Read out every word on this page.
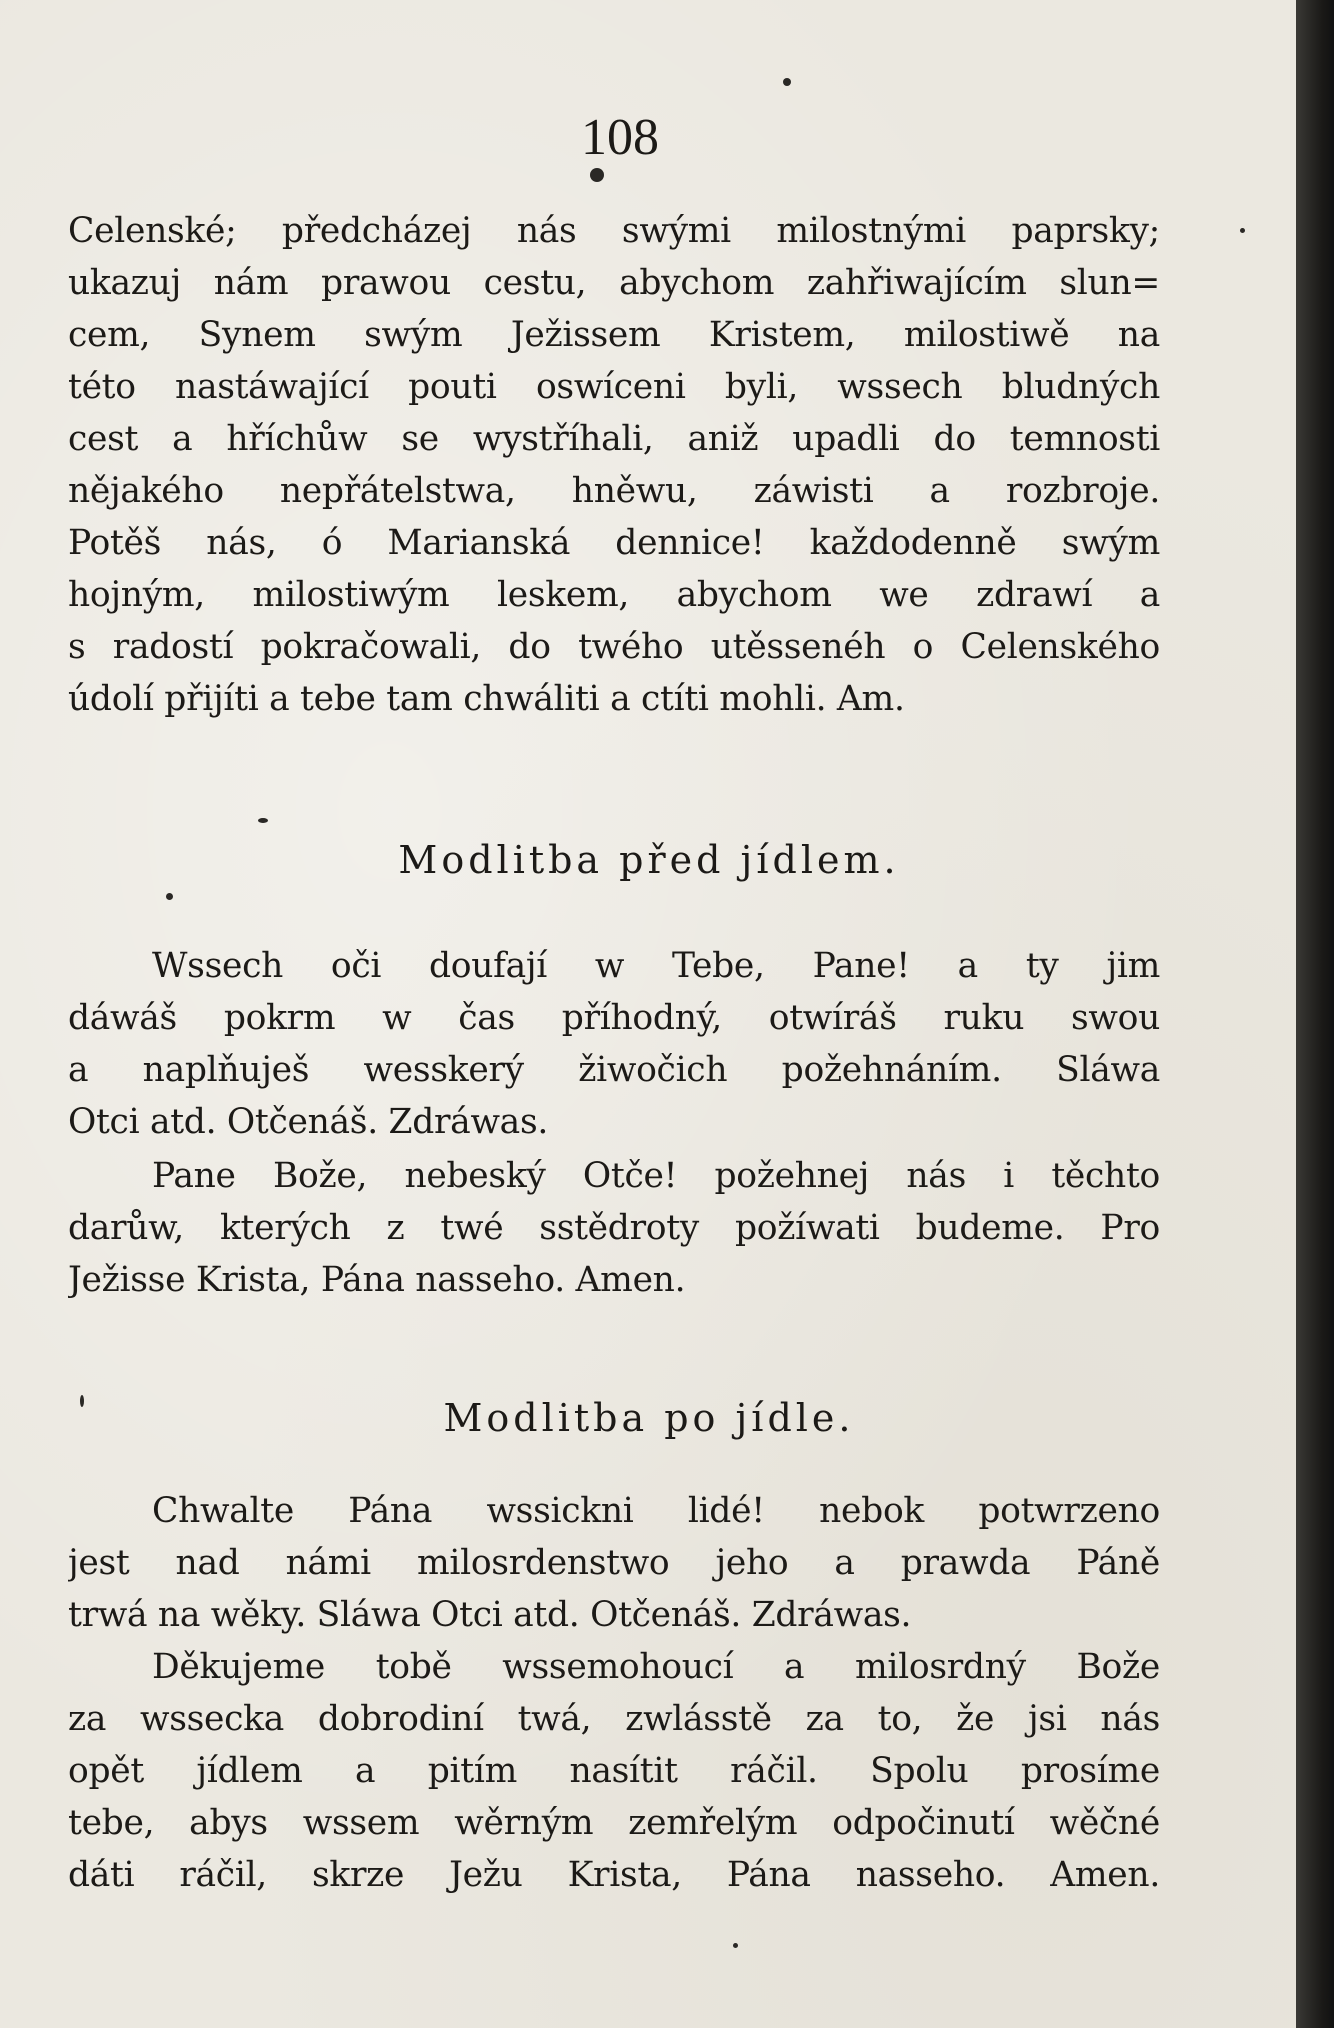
108
Celenské; předcházej nás swými milostnými paprsky;
ukazuj nám prawou cestu, abychom zahřiwajícím slun=
cem, Synem swým Ježissem Kristem, milostiwě na
této nastáwající pouti oswíceni byli, wssech bludných
cest a hříchůw se wystříhali, aniž upadli do temnosti
nějakého nepřátelstwa, hněwu, záwisti a rozbroje.
Potěš nás, ó Marianská dennice! každodenně swým
hojným, milostiwým leskem, abychom we zdrawí a
s radostí pokračowali, do twého utěssenéh o Celenského
údolí přijíti a tebe tam chwáliti a ctíti mohli. Am.
Modlitba před jídlem.
Wssech oči doufají w Tebe, Pane! a ty jim
dáwáš pokrm w čas příhodný, otwíráš ruku swou
a naplňuješ wesskerý žiwočich požehnáním. Sláwa
Otci atd. Otčenáš. Zdráwas.
Pane Bože, nebeský Otče! požehnej nás i těchto
darůw, kterých z twé sstědroty požíwati budeme. Pro
Ježisse Krista, Pána nasseho. Amen.
Modlitba po jídle.
Chwalte Pána wssickni lidé! nebok potwrzeno
jest nad námi milosrdenstwo jeho a prawda Páně
trwá na wěky. Sláwa Otci atd. Otčenáš. Zdráwas.
Děkujeme tobě wssemohoucí a milosrdný Bože
za wssecka dobrodiní twá, zwlásstě za to, že jsi nás
opět jídlem a pitím nasítit ráčil. Spolu prosíme
tebe, abys wssem wěrným zemřelým odpočinutí wěčné
dáti ráčil, skrze Ježu Krista, Pána nasseho. Amen.
